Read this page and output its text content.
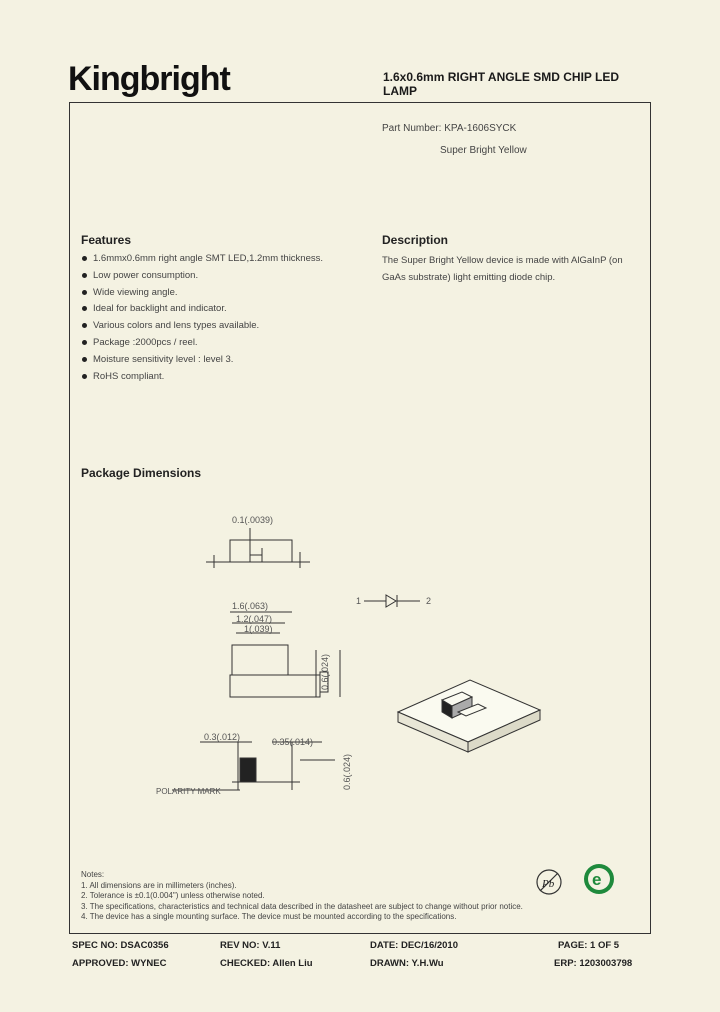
Kingbright	1.6x0.6mm RIGHT ANGLE SMD CHIP LED
LAMP
Part Number: KPA-1606SYCK
Super Bright Yellow
Features
1.6mmx0.6mm right angle SMT LED,1.2mm thickness.
Low power consumption.
Wide viewing angle.
Ideal for backlight and indicator.
Various colors and lens types available.
Package :2000pcs / reel.
Moisture sensitivity level : level 3.
RoHS compliant.
Description
The Super Bright Yellow device is made with AlGaInP (on GaAs substrate) light emitting diode chip.
Package Dimensions
0.1(.0039)
1.6(.063)
1.2(.047)
1(.039)
0.6(.024)
0.3(.012)	0.35(.014)
0.6(.024)
POLARITY MARK
1	2
Notes:
1. All dimensions are in millimeters (inches).
2. Tolerance is ±0.1(0.004") unless otherwise noted.
3. The specifications, characteristics and technical data described in the datasheet are subject to change without prior notice.
4. The device has a single mounting surface. The device must be mounted according to the specifications.
Pb e
SPEC NO: DSAC0356	REV NO: V.11	DATE: DEC/16/2010	PAGE: 1 OF 5
APPROVED: WYNEC	CHECKED: Allen Liu	DRAWN: Y.H.Wu	ERP: 1203003798
